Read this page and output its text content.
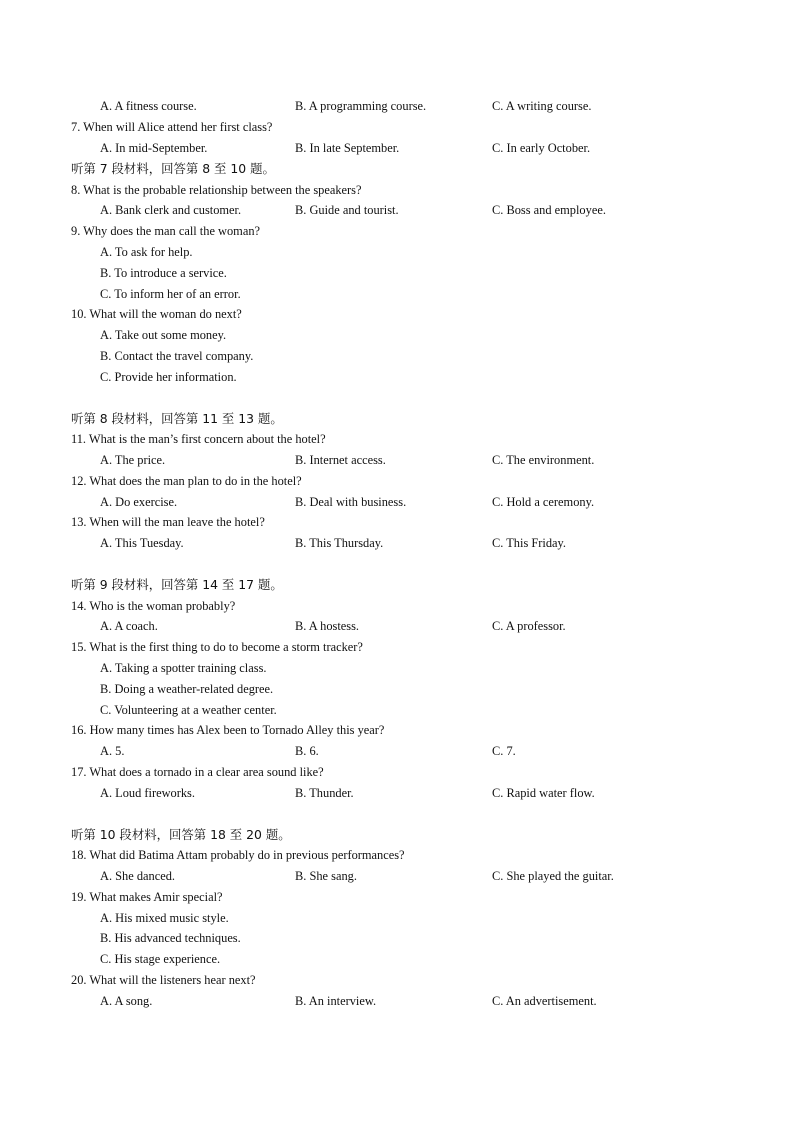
A. A fitness course.	B. A programming course.	C. A writing course.
7. When will Alice attend her first class?
A. In mid-September.	B. In late September.	C. In early October.
听第 7 段材料，回答第 8 至 10 题。
8. What is the probable relationship between the speakers?
A. Bank clerk and customer.	B. Guide and tourist.	C. Boss and employee.
9. Why does the man call the woman?
A. To ask for help.
B. To introduce a service.
C. To inform her of an error.
10. What will the woman do next?
A. Take out some money.
B. Contact the travel company.
C. Provide her information.
听第 8 段材料，回答第 11 至 13 题。
11. What is the man’s first concern about the hotel?
A. The price.	B. Internet access.	C. The environment.
12. What does the man plan to do in the hotel?
A. Do exercise.	B. Deal with business.	C. Hold a ceremony.
13. When will the man leave the hotel?
A. This Tuesday.	B. This Thursday.	C. This Friday.
听第 9 段材料，回答第 14 至 17 题。
14. Who is the woman probably?
A. A coach.	B. A hostess.	C. A professor.
15. What is the first thing to do to become a storm tracker?
A. Taking a spotter training class.
B. Doing a weather-related degree.
C. Volunteering at a weather center.
16. How many times has Alex been to Tornado Alley this year?
A. 5.	B. 6.	C. 7.
17. What does a tornado in a clear area sound like?
A. Loud fireworks.	B. Thunder.	C. Rapid water flow.
听第 10 段材料，回答第 18 至 20 题。
18. What did Batima Attam probably do in previous performances?
A. She danced.	B. She sang.	C. She played the guitar.
19. What makes Amir special?
A. His mixed music style.
B. His advanced techniques.
C. His stage experience.
20. What will the listeners hear next?
A. A song.	B. An interview.	C. An advertisement.
